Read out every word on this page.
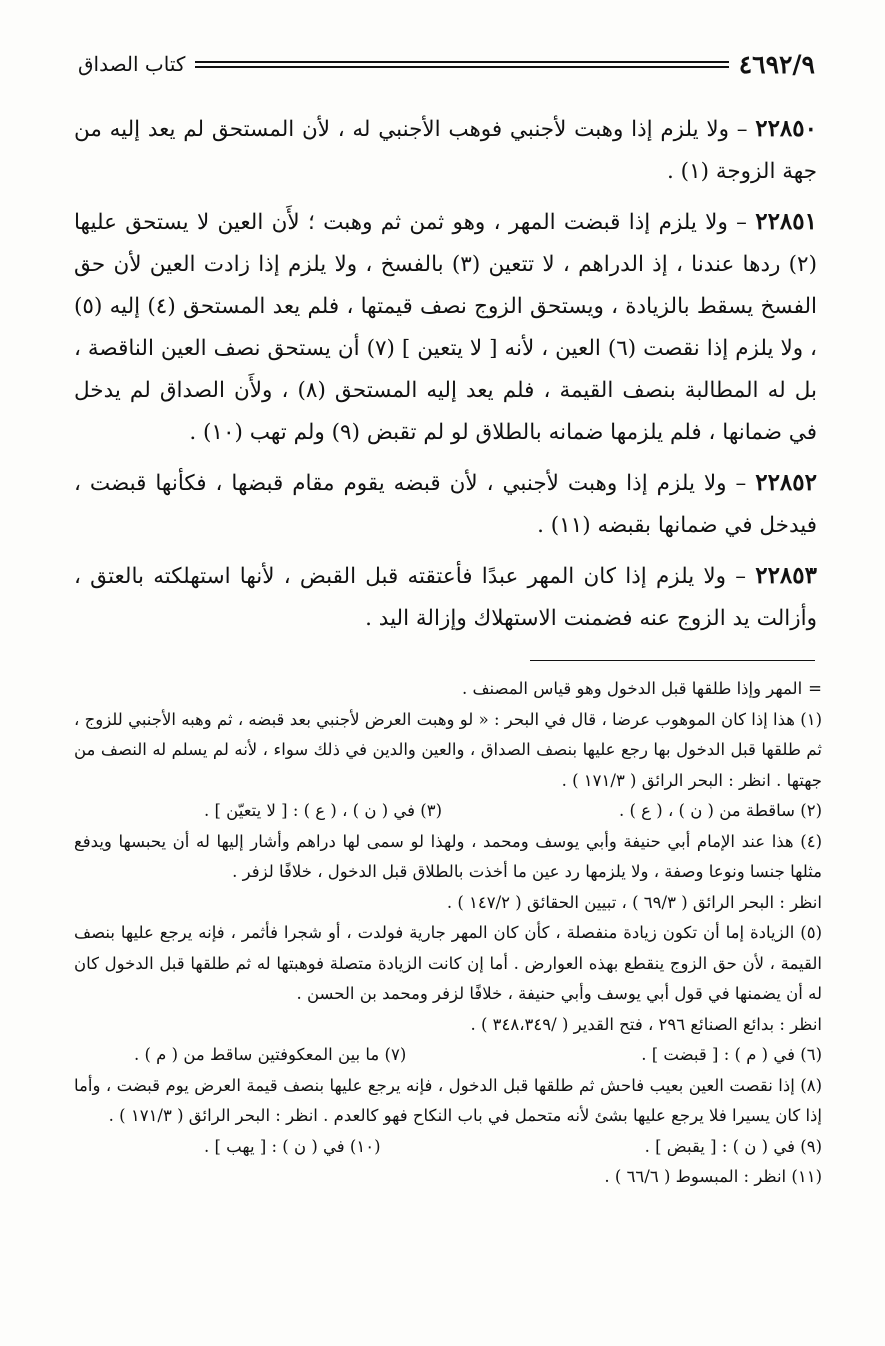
٤٦٩٢/٩
كتاب الصداق

٢٢٨٥٠ – ولا يلزم إذا وهبت لأجنبي فوهب الأجنبي له ، لأن المستحق لم يعد إليه من جهة الزوجة (١) .

٢٢٨٥١ – ولا يلزم إذا قبضت المهر ، وهو ثمن ثم وهبت ؛ لأَن العين لا يستحق عليها (٢) ردها عندنا ، إذ الدراهم ، لا تتعين (٣) بالفسخ ، ولا يلزم إذا زادت العين لأن حق الفسخ يسقط بالزيادة ، ويستحق الزوج نصف قيمتها ، فلم يعد المستحق (٤) إليه (٥) ، ولا يلزم إذا نقصت (٦) العين ، لأنه [ لا يتعين ] (٧) أن يستحق نصف العين الناقصة ، بل له المطالبة بنصف القيمة ، فلم يعد إليه المستحق (٨) ، ولأَن الصداق لم يدخل في ضمانها ، فلم يلزمها ضمانه بالطلاق لو لم تقبض (٩) ولم تهب (١٠) .

٢٢٨٥٢ – ولا يلزم إذا وهبت لأجنبي ، لأن قبضه يقوم مقام قبضها ، فكأنها قبضت ، فيدخل في ضمانها بقبضه (١١) .

٢٢٨٥٣ – ولا يلزم إذا كان المهر عبدًا فأعتقته قبل القبض ، لأنها استهلكته بالعتق ، وأزالت يد الزوج عنه فضمنت الاستهلاك وإزالة اليد .

=المهر وإذا طلقها قبل الدخول وهو قياس المصنف .

(١) هذا إذا كان الموهوب عرضا ، قال في البحر : « لو وهبت العرض لأجنبي بعد قبضه ، ثم وهبه الأجنبي للزوج ، ثم طلقها قبل الدخول بها رجع عليها بنصف الصداق ، والعين والدين في ذلك سواء ، لأنه لم يسلم له النصف من جهتها . انظر : البحر الرائق ( ١٧١/٣ ) .

(٢) ساقطة من ( ن ) ، ( ع ) .

(٣) في ( ن ) ، ( ع ) : [ لا يتعيّن ] .

(٤) هذا عند الإمام أبي حنيفة وأبي يوسف ومحمد ، ولهذا لو سمى لها دراهم وأشار إليها له أن يحبسها ويدفع مثلها جنسا ونوعا وصفة ، ولا يلزمها رد عين ما أخذت بالطلاق قبل الدخول ، خلافًا لزفر .

انظر : البحر الرائق ( ٦٩/٣ ) ، تبيين الحقائق ( ١٤٧/٢ ) .

(٥) الزيادة إما أن تكون زيادة منفصلة ، كأن كان المهر جارية فولدت ، أو شجرا فأثمر ، فإنه يرجع عليها بنصف القيمة ، لأن حق الزوج ينقطع بهذه العوارض . أما إن كانت الزيادة متصلة فوهبتها له ثم طلقها قبل الدخول كان له أن يضمنها في قول أبي يوسف وأبي حنيفة ، خلافًا لزفر ومحمد بن الحسن .

انظر : بدائع الصنائع ٢٩٦ ، فتح القدير ( /٣٤٨،٣٤٩ ) .

(٦) في ( م ) : [ قبضت ] .

(٧) ما بين المعكوفتين ساقط من ( م ) .

(٨) إذا نقصت العين بعيب فاحش ثم طلقها قبل الدخول ، فإنه يرجع عليها بنصف قيمة العرض يوم قبضت ، وأما إذا كان يسيرا فلا يرجع عليها بشئ لأنه متحمل في باب النكاح فهو كالعدم . انظر : البحر الرائق ( ١٧١/٣ ) .

(٩) في ( ن ) : [ يقبض ] .

(١٠) في ( ن ) : [ يهب ] .

(١١) انظر : المبسوط ( ٦٦/٦ ) .
